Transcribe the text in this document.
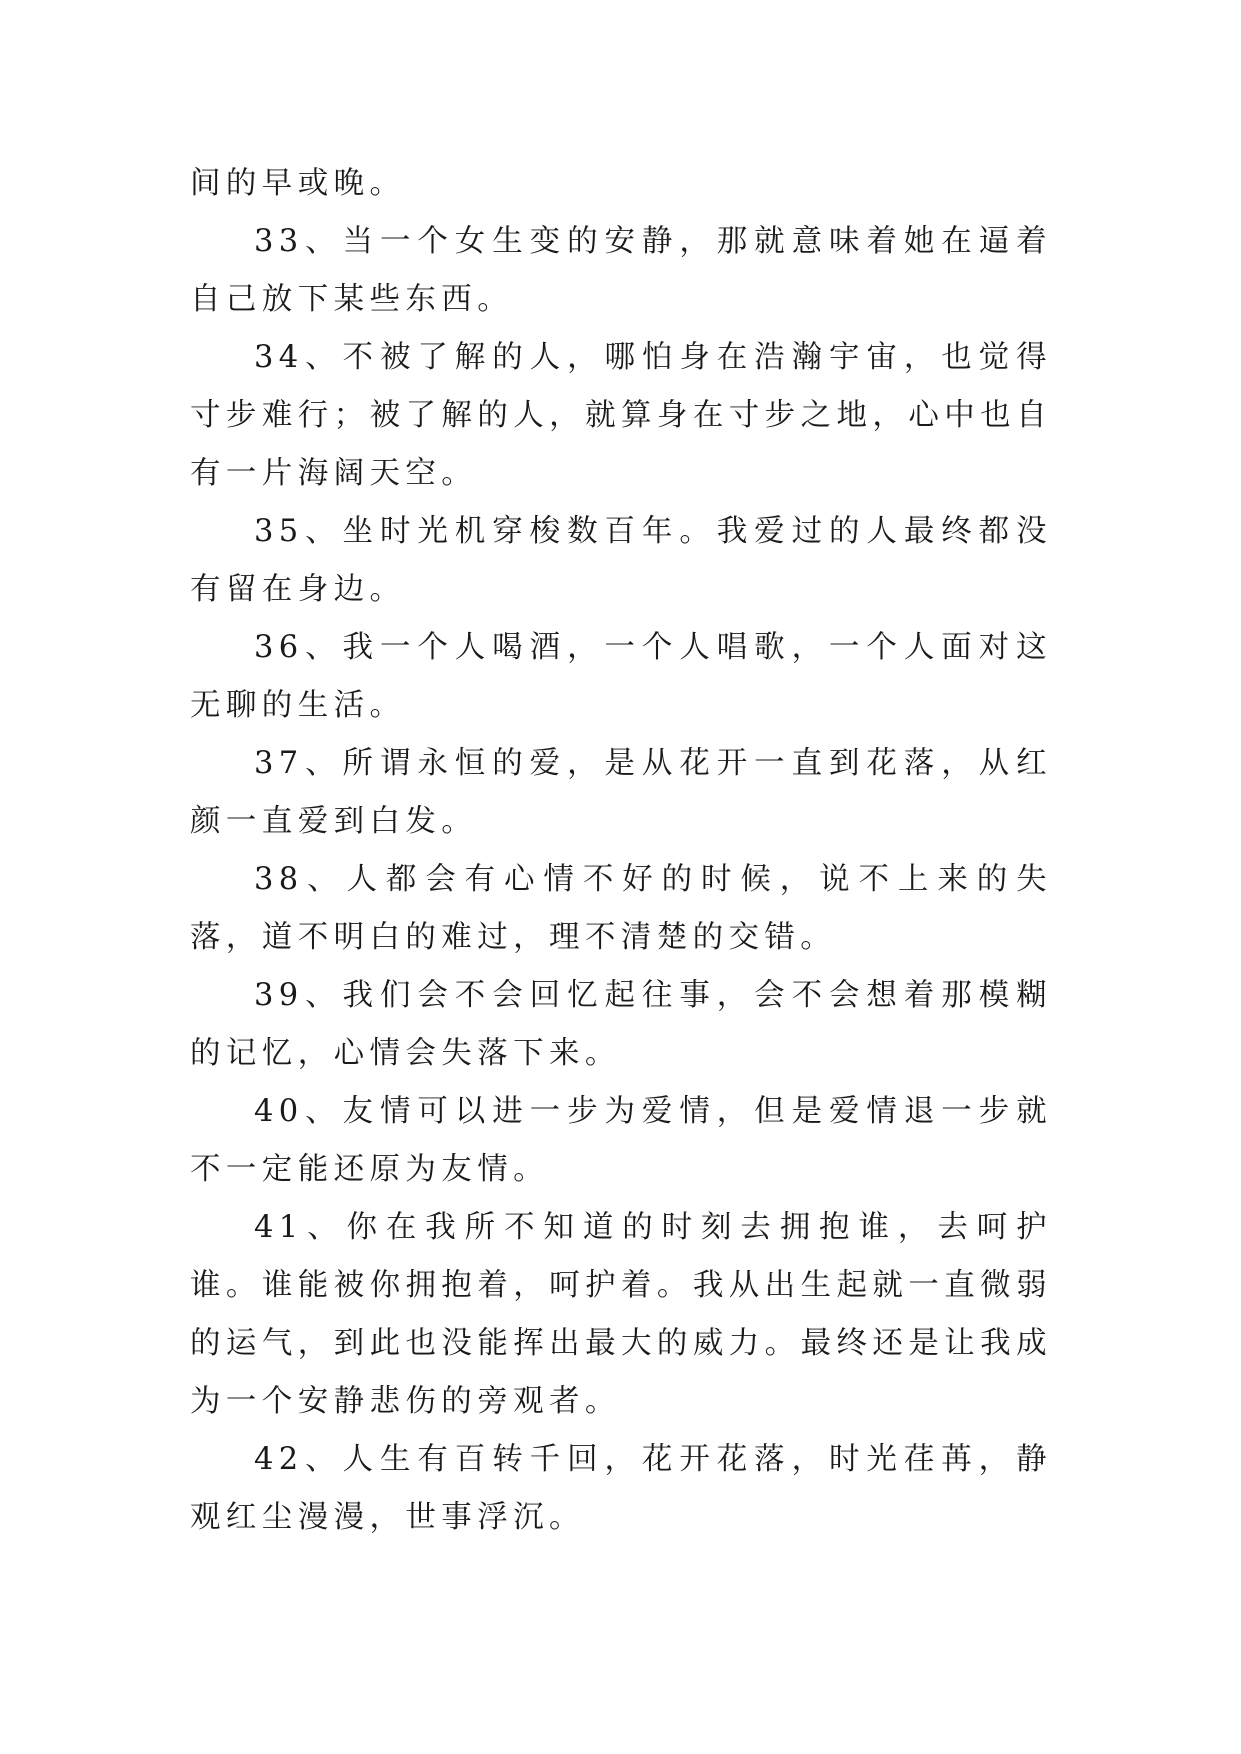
间的早或晚。

33、当一个女生变的安静，那就意味着她在逼着自己放下某些东西。

34、不被了解的人，哪怕身在浩瀚宇宙，也觉得寸步难行；被了解的人，就算身在寸步之地，心中也自有一片海阔天空。

35、坐时光机穿梭数百年。我爱过的人最终都没有留在身边。

36、我一个人喝酒，一个人唱歌，一个人面对这无聊的生活。

37、所谓永恒的爱，是从花开一直到花落，从红颜一直爱到白发。

38、人都会有心情不好的时候，说不上来的失落，道不明白的难过，理不清楚的交错。

39、我们会不会回忆起往事，会不会想着那模糊的记忆，心情会失落下来。

40、友情可以进一步为爱情，但是爱情退一步就不一定能还原为友情。

41、你在我所不知道的时刻去拥抱谁，去呵护谁。谁能被你拥抱着，呵护着。我从出生起就一直微弱的运气，到此也没能挥出最大的威力。最终还是让我成为一个安静悲伤的旁观者。

42、人生有百转千回，花开花落，时光荏苒，静观红尘漫漫，世事浮沉。
